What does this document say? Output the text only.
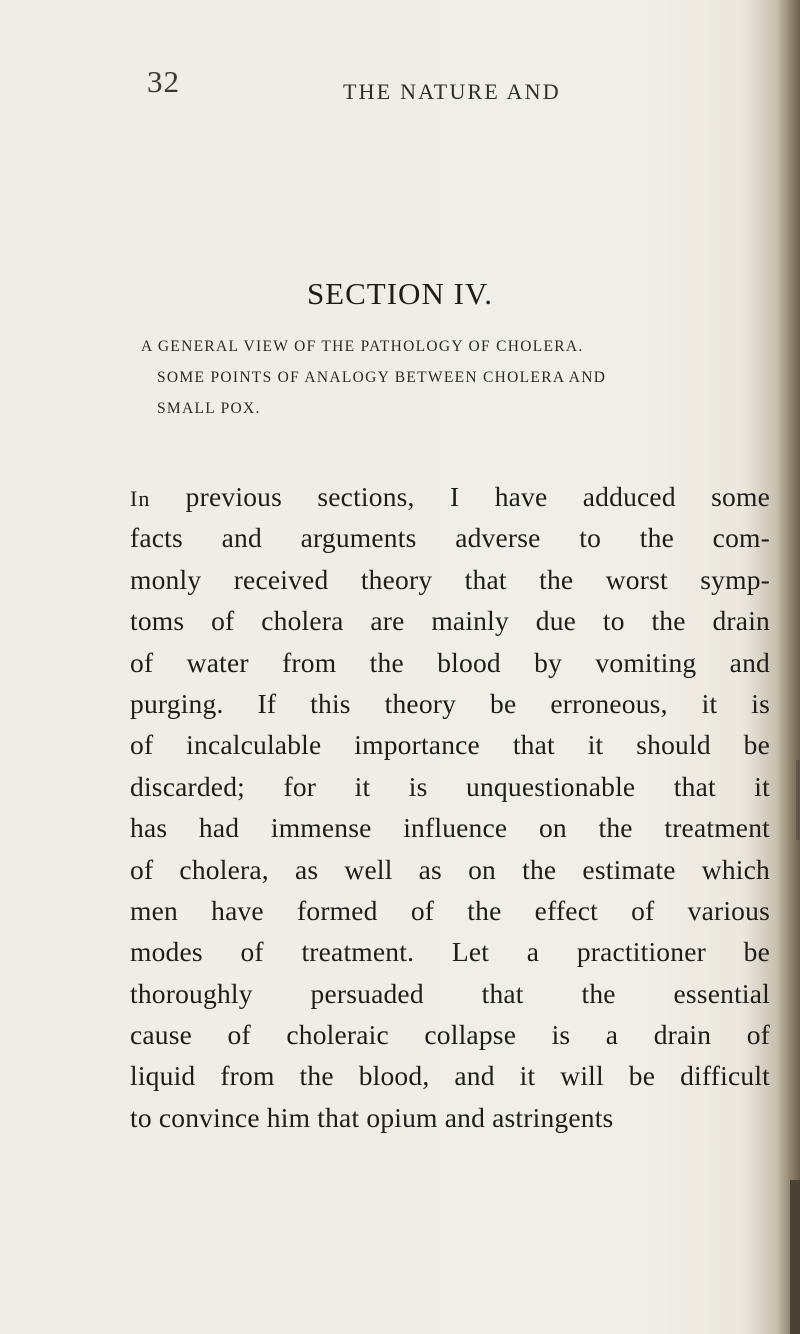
32	THE NATURE AND
SECTION IV.
A GENERAL VIEW OF THE PATHOLOGY OF CHOLERA.
SOME POINTS OF ANALOGY BETWEEN CHOLERA AND
SMALL POX.
In previous sections, I have adduced some
facts and arguments adverse to the com-
monly received theory that the worst symp-
toms of cholera are mainly due to the drain
of water from the blood by vomiting and
purging. If this theory be erroneous, it is
of incalculable importance that it should be
discarded; for it is unquestionable that it
has had immense influence on the treatment
of cholera, as well as on the estimate which
men have formed of the effect of various
modes of treatment. Let a practitioner be
thoroughly persuaded that the essential
cause of choleraic collapse is a drain of
liquid from the blood, and it will be difficult
to convince him that opium and astringents
